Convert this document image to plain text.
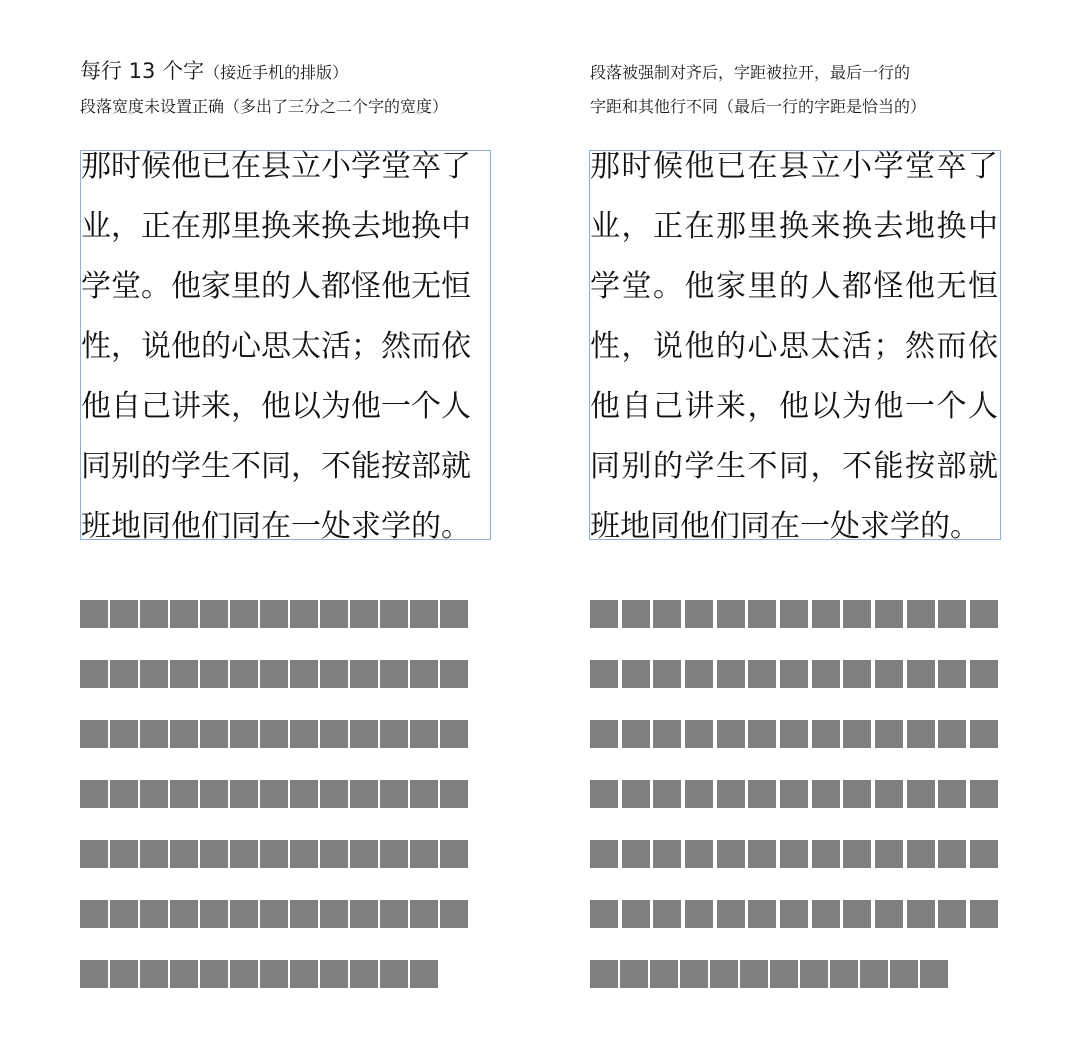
每行 13 个字（接近手机的排版）
段落宽度未设置正确（多出了三分之二个字的宽度）
段落被强制对齐后，字距被拉开，最后一行的
字距和其他行不同（最后一行的字距是恰当的）
那时候他已在县立小学堂卒了
业，正在那里换来换去地换中
学堂。他家里的人都怪他无恒
性，说他的心思太活；然而依
他自己讲来，他以为他一个人
同别的学生不同，不能按部就
班地同他们同在一处求学的。
那时候他已在县立小学堂卒了
业，正在那里换来换去地换中
学堂。他家里的人都怪他无恒
性，说他的心思太活；然而依
他自己讲来，他以为他一个人
同别的学生不同，不能按部就
班地同他们同在一处求学的。
